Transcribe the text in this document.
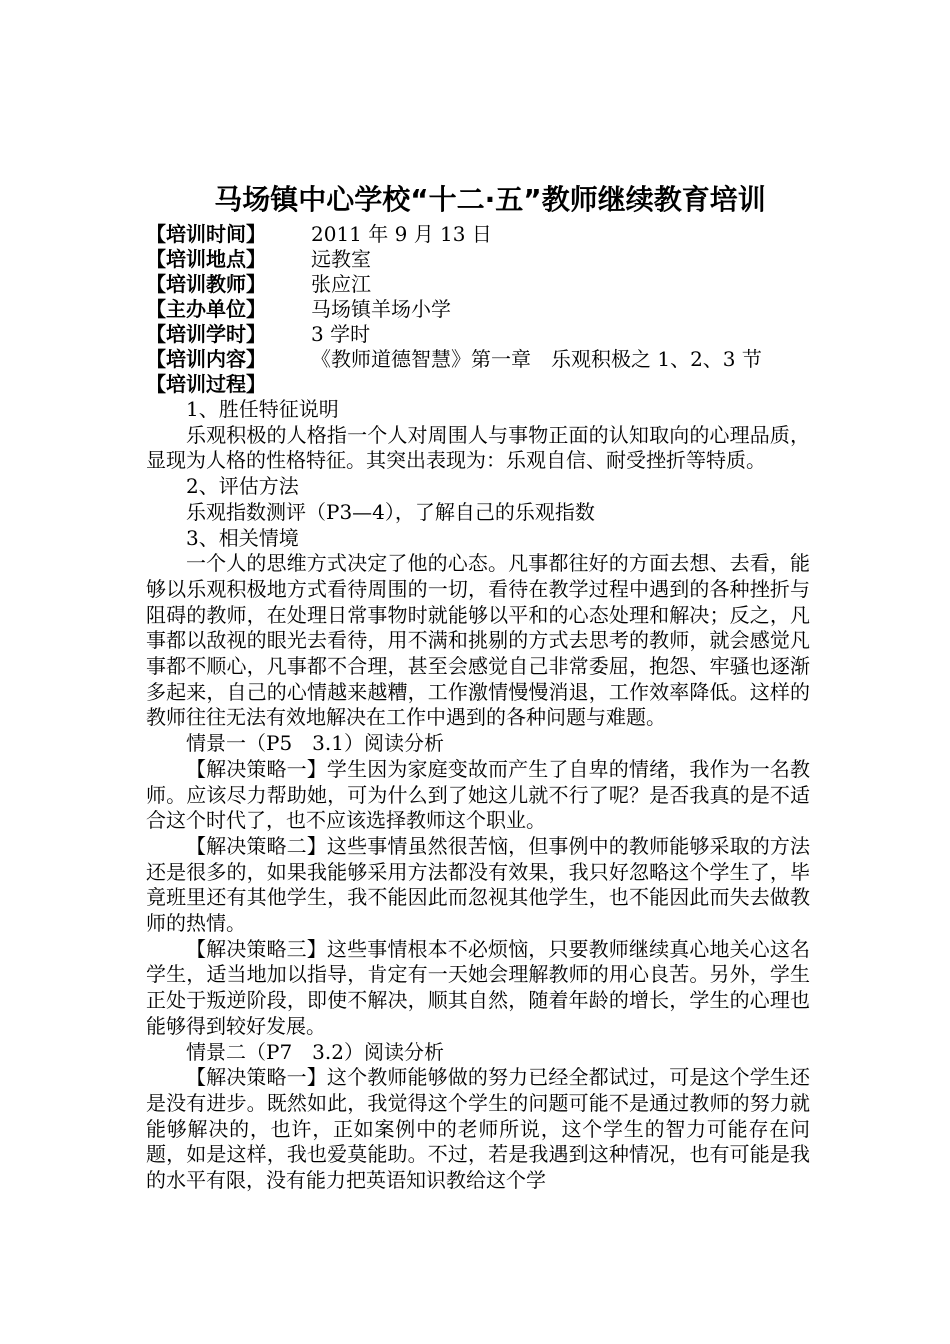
马场镇中心学校“十二·五”教师继续教育培训
【培训时间】	2011 年 9 月 13 日
【培训地点】	远教室
【培训教师】	张应江
【主办单位】	马场镇羊场小学
【培训学时】	3 学时
【培训内容】	《教师道德智慧》第一章　乐观积极之 1、2、3 节
【培训过程】

1、胜任特征说明

乐观积极的人格指一个人对周围人与事物正面的认知取向的心理品质，显现为人格的性格特征。其突出表现为：乐观自信、耐受挫折等特质。

2、评估方法

乐观指数测评（P3—4），了解自己的乐观指数

3、相关情境

一个人的思维方式决定了他的心态。凡事都往好的方面去想、去看，能够以乐观积极地方式看待周围的一切，看待在教学过程中遇到的各种挫折与阻碍的教师，在处理日常事物时就能够以平和的心态处理和解决；反之，凡事都以敌视的眼光去看待，用不满和挑剔的方式去思考的教师，就会感觉凡事都不顺心，凡事都不合理，甚至会感觉自己非常委屈，抱怨、牢骚也逐渐多起来，自己的心情越来越糟，工作激情慢慢消退，工作效率降低。这样的教师往往无法有效地解决在工作中遇到的各种问题与难题。

情景一（P5　3.1）阅读分析

【解决策略一】学生因为家庭变故而产生了自卑的情绪，我作为一名教师。应该尽力帮助她，可为什么到了她这儿就不行了呢？是否我真的是不适合这个时代了，也不应该选择教师这个职业。

【解决策略二】这些事情虽然很苦恼，但事例中的教师能够采取的方法还是很多的，如果我能够采用方法都没有效果，我只好忽略这个学生了，毕竟班里还有其他学生，我不能因此而忽视其他学生，也不能因此而失去做教师的热情。

【解决策略三】这些事情根本不必烦恼，只要教师继续真心地关心这名学生，适当地加以指导，肯定有一天她会理解教师的用心良苦。另外，学生正处于叛逆阶段，即使不解决，顺其自然，随着年龄的增长，学生的心理也能够得到较好发展。

情景二（P7　3.2）阅读分析

【解决策略一】这个教师能够做的努力已经全都试过，可是这个学生还是没有进步。既然如此，我觉得这个学生的问题可能不是通过教师的努力就能够解决的，也许，正如案例中的老师所说，这个学生的智力可能存在问题，如是这样，我也爱莫能助。不过，若是我遇到这种情况，也有可能是我的水平有限，没有能力把英语知识教给这个学
